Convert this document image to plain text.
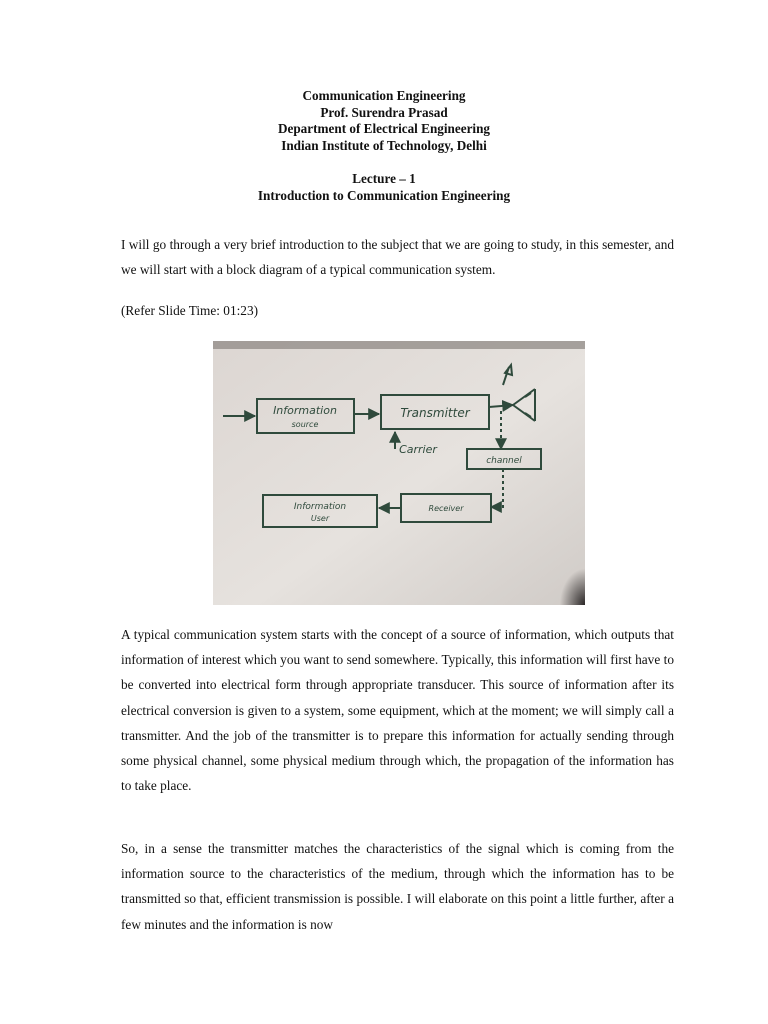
Communication Engineering
Prof. Surendra Prasad
Department of Electrical Engineering
Indian Institute of Technology, Delhi
Lecture – 1
Introduction to Communication Engineering

I will go through a very brief introduction to the subject that we are going to study, in this semester, and we will start with a block diagram of a typical communication system.

(Refer Slide Time: 01:23)

Information
source
Transmitter
Carrier
channel
Receiver
Information
User

A typical communication system starts with the concept of a source of information, which outputs that information of interest which you want to send somewhere. Typically, this information will first have to be converted into electrical form through appropriate transducer. This source of information after its electrical conversion is given to a system, some equipment, which at the moment; we will simply call a transmitter. And the job of the transmitter is to prepare this information for actually sending through some physical channel, some physical medium through which, the propagation of the information has to take place.

So, in a sense the transmitter matches the characteristics of the signal which is coming from the information source to the characteristics of the medium, through which the information has to be transmitted so that, efficient transmission is possible. I will elaborate on this point a little further, after a few minutes and the information is now
